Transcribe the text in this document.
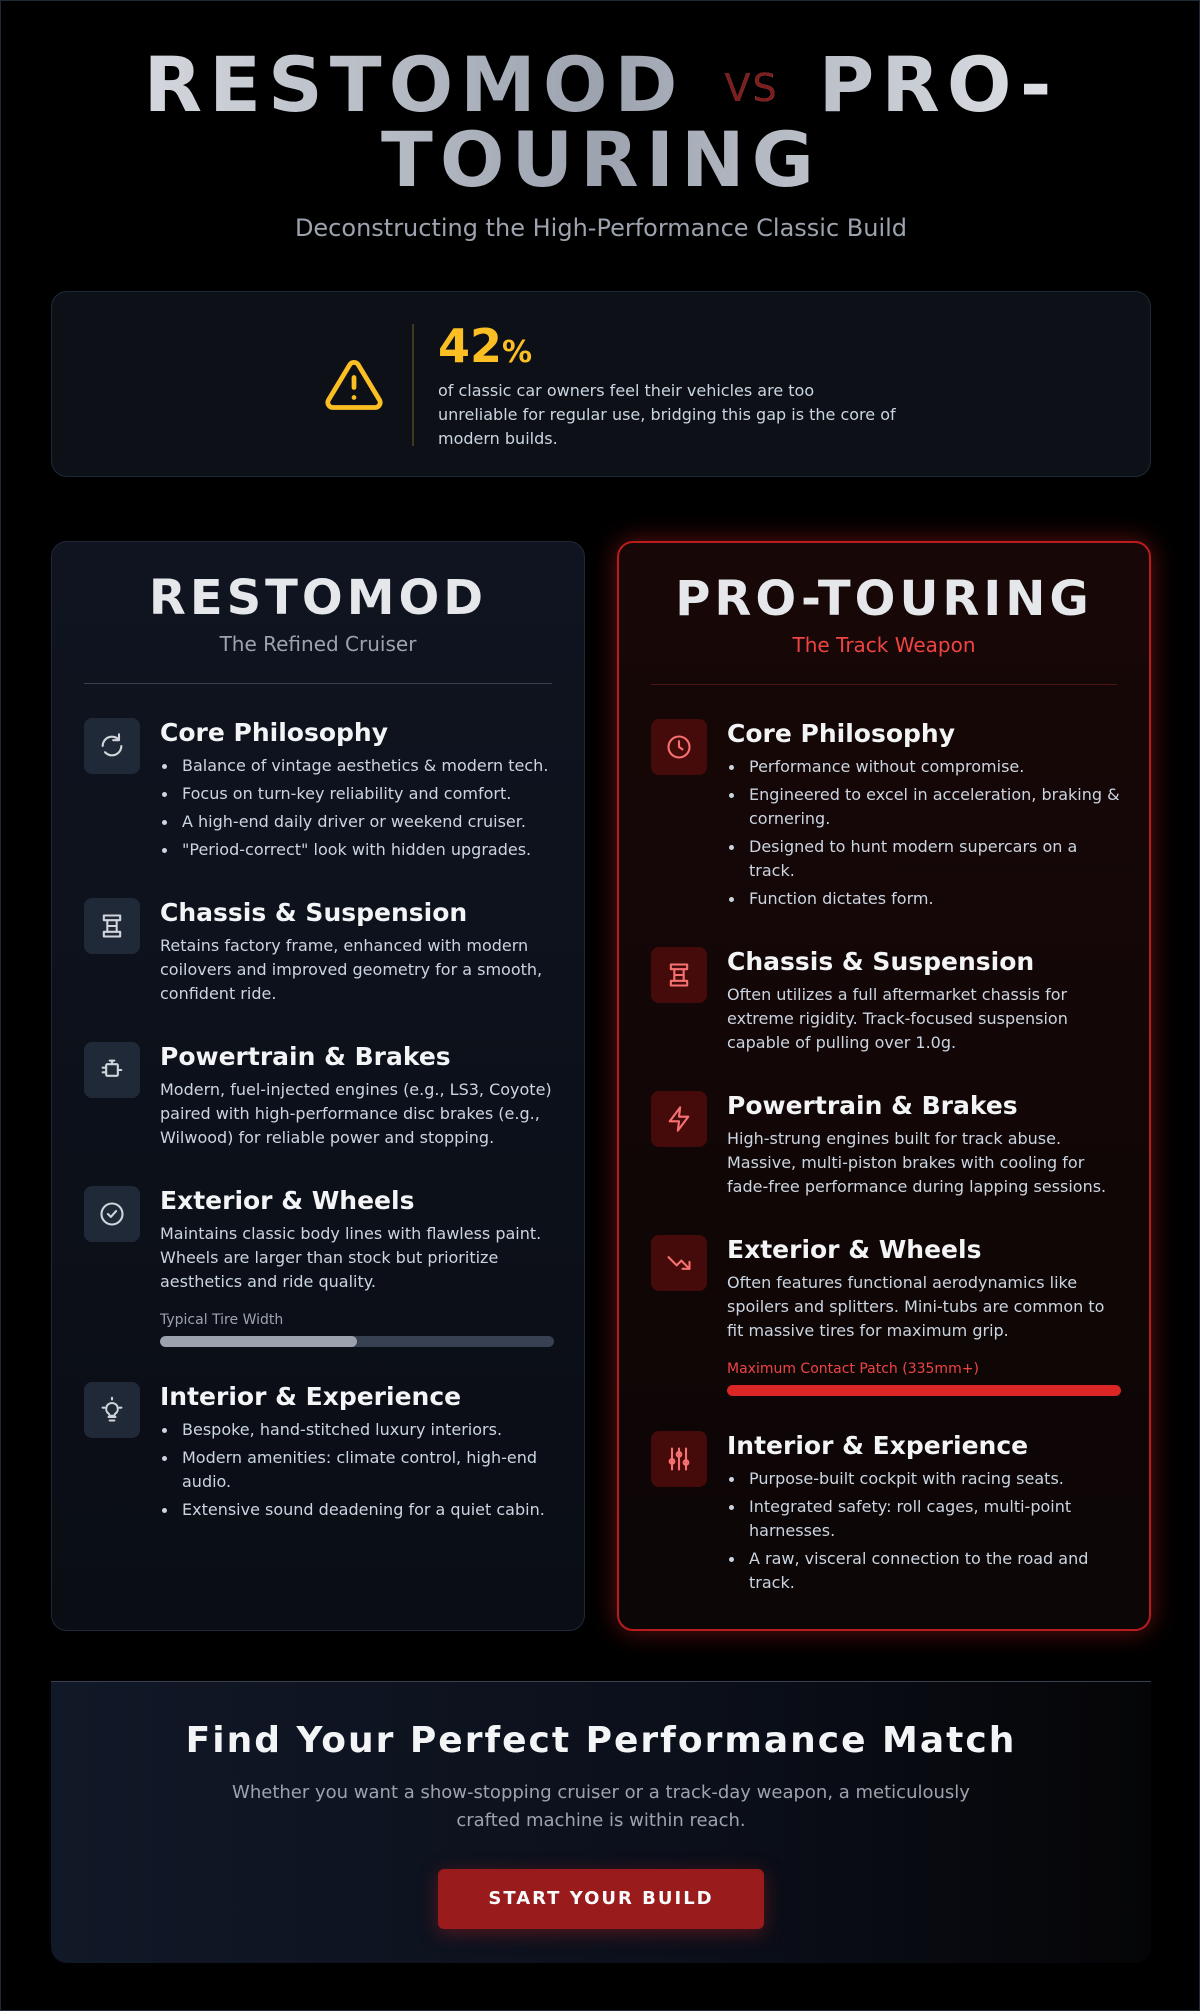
RESTOMOD VS PRO-
TOURING

Deconstructing the High-Performance Classic Build

42%

of classic car owners feel their vehicles are too unreliable for regular use, bridging this gap is the core of modern builds.

RESTOMOD

The Refined Cruiser

Core Philosophy
Balance of vintage aesthetics & modern tech.
Focus on turn-key reliability and comfort.
A high-end daily driver or weekend cruiser.
"Period-correct" look with hidden upgrades.
Chassis & Suspension

Retains factory frame, enhanced with modern coilovers and improved geometry for a smooth, confident ride.

Powertrain & Brakes

Modern, fuel-injected engines (e.g., LS3, Coyote) paired with high-performance disc brakes (e.g., Wilwood) for reliable power and stopping.

Exterior & Wheels

Maintains classic body lines with flawless paint. Wheels are larger than stock but prioritize aesthetics and ride quality.

Typical Tire Width
Interior & Experience
Bespoke, hand-stitched luxury interiors.
Modern amenities: climate control, high-end audio.
Extensive sound deadening for a quiet cabin.
PRO-TOURING

The Track Weapon

Core Philosophy
Performance without compromise.
Engineered to excel in acceleration, braking & cornering.
Designed to hunt modern supercars on a track.
Function dictates form.
Chassis & Suspension

Often utilizes a full aftermarket chassis for extreme rigidity. Track-focused suspension capable of pulling over 1.0g.

Powertrain & Brakes

High-strung engines built for track abuse. Massive, multi-piston brakes with cooling for fade-free performance during lapping sessions.

Exterior & Wheels

Often features functional aerodynamics like spoilers and splitters. Mini-tubs are common to fit massive tires for maximum grip.

Maximum Contact Patch (335mm+)
Interior & Experience
Purpose-built cockpit with racing seats.
Integrated safety: roll cages, multi-point harnesses.
A raw, visceral connection to the road and track.
Find Your Perfect Performance Match

Whether you want a show-stopping cruiser or a track-day weapon, a meticulously crafted machine is within reach.

START YOUR BUILD
